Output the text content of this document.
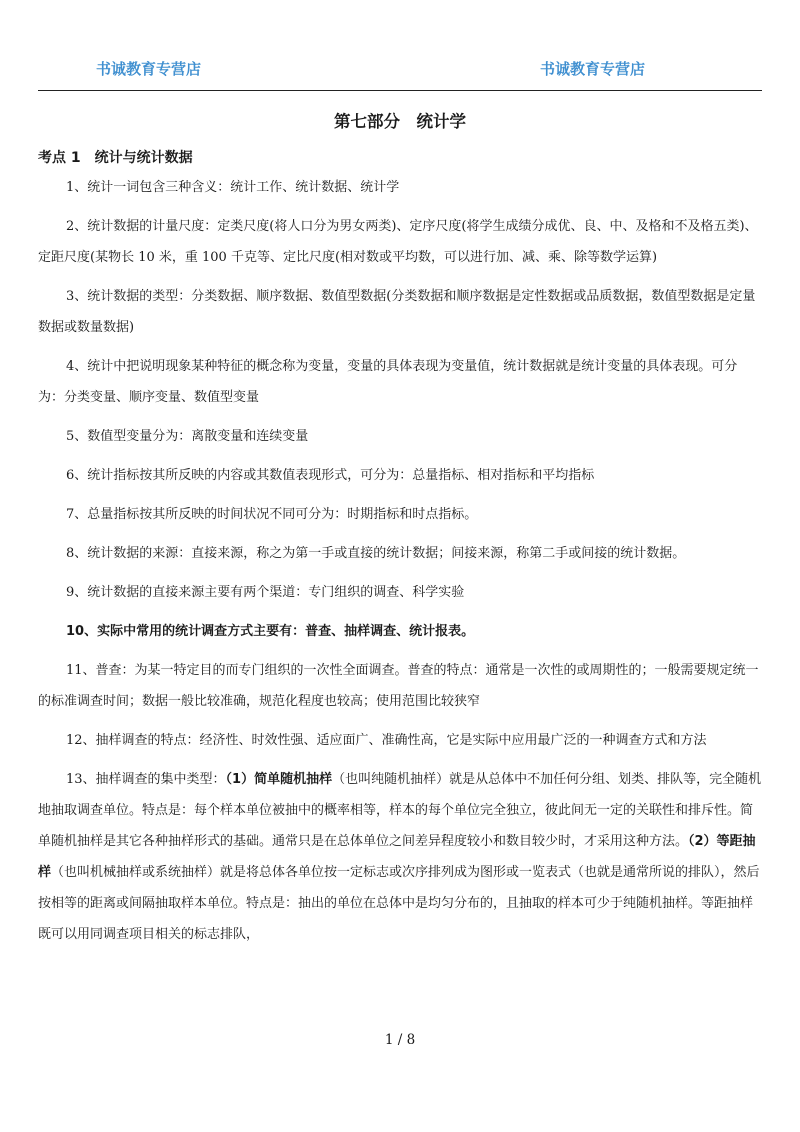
书诚教育专营店	书诚教育专营店
第七部分　统计学
考点 1　统计与统计数据

1、统计一词包含三种含义：统计工作、统计数据、统计学

2、统计数据的计量尺度：定类尺度(将人口分为男女两类)、定序尺度(将学生成绩分成优、良、中、及格和不及格五类)、定距尺度(某物长 10 米，重 100 千克等、定比尺度(相对数或平均数，可以进行加、减、乘、除等数学运算)

3、统计数据的类型：分类数据、顺序数据、数值型数据(分类数据和顺序数据是定性数据或品质数据，数值型数据是定量数据或数量数据)

4、统计中把说明现象某种特征的概念称为变量，变量的具体表现为变量值，统计数据就是统计变量的具体表现。可分为：分类变量、顺序变量、数值型变量

5、数值型变量分为：离散变量和连续变量

6、统计指标按其所反映的内容或其数值表现形式，可分为：总量指标、相对指标和平均指标

7、总量指标按其所反映的时间状况不同可分为：时期指标和时点指标。

8、统计数据的来源：直接来源，称之为第一手或直接的统计数据；间接来源，称第二手或间接的统计数据。

9、统计数据的直接来源主要有两个渠道：专门组织的调查、科学实验

10、实际中常用的统计调查方式主要有：普查、抽样调查、统计报表。

11、普查：为某一特定目的而专门组织的一次性全面调查。普查的特点：通常是一次性的或周期性的；一般需要规定统一的标准调查时间；数据一般比较准确，规范化程度也较高；使用范围比较狭窄

12、抽样调查的特点：经济性、时效性强、适应面广、准确性高，它是实际中应用最广泛的一种调查方式和方法

13、抽样调查的集中类型：（1）简单随机抽样（也叫纯随机抽样）就是从总体中不加任何分组、划类、排队等，完全随机地抽取调查单位。特点是：每个样本单位被抽中的概率相等，样本的每个单位完全独立，彼此间无一定的关联性和排斥性。简单随机抽样是其它各种抽样形式的基础。通常只是在总体单位之间差异程度较小和数目较少时，才采用这种方法。（2）等距抽样（也叫机械抽样或系统抽样）就是将总体各单位按一定标志或次序排列成为图形或一览表式（也就是通常所说的排队），然后按相等的距离或间隔抽取样本单位。特点是：抽出的单位在总体中是均匀分布的，且抽取的样本可少于纯随机抽样。等距抽样既可以用同调查项目相关的标志排队，

1 / 8
